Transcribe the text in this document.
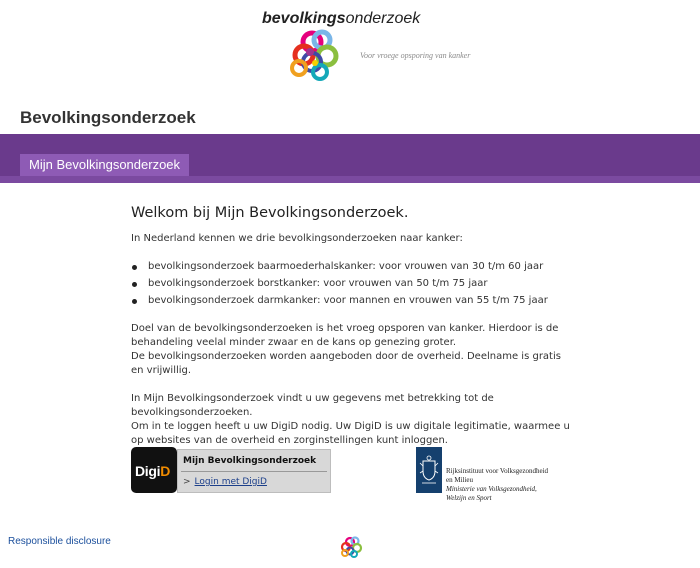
bevolkingsonderzoek
Voor vroege opsporing van kanker
Bevolkingsonderzoek
Mijn Bevolkingsonderzoek
Welkom bij Mijn Bevolkingsonderzoek.

In Nederland kennen we drie bevolkingsonderzoeken naar kanker:

bevolkingsonderzoek baarmoederhalskanker: voor vrouwen van 30 t/m 60 jaar
bevolkingsonderzoek borstkanker: voor vrouwen van 50 t/m 75 jaar
bevolkingsonderzoek darmkanker: voor mannen en vrouwen van 55 t/m 75 jaar

Doel van de bevolkingsonderzoeken is het vroeg opsporen van kanker. Hierdoor is de behandeling veelal minder zwaar en de kans op genezing groter.
De bevolkingsonderzoeken worden aangeboden door de overheid. Deelname is gratis en vrijwillig.

In Mijn Bevolkingsonderzoek vindt u uw gegevens met betrekking tot de bevolkingsonderzoeken.
Om in te loggen heeft u uw DigiD nodig. Uw DigiD is uw digitale legitimatie, waarmee u op websites van de overheid en zorginstellingen kunt inloggen.

DigiD
Mijn Bevolkingsonderzoek
> Login met DigiD
Rijksinstituut voor Volksgezondheid
en Milieu
Ministerie van Volksgezondheid,
Welzijn en Sport
Responsible disclosure
